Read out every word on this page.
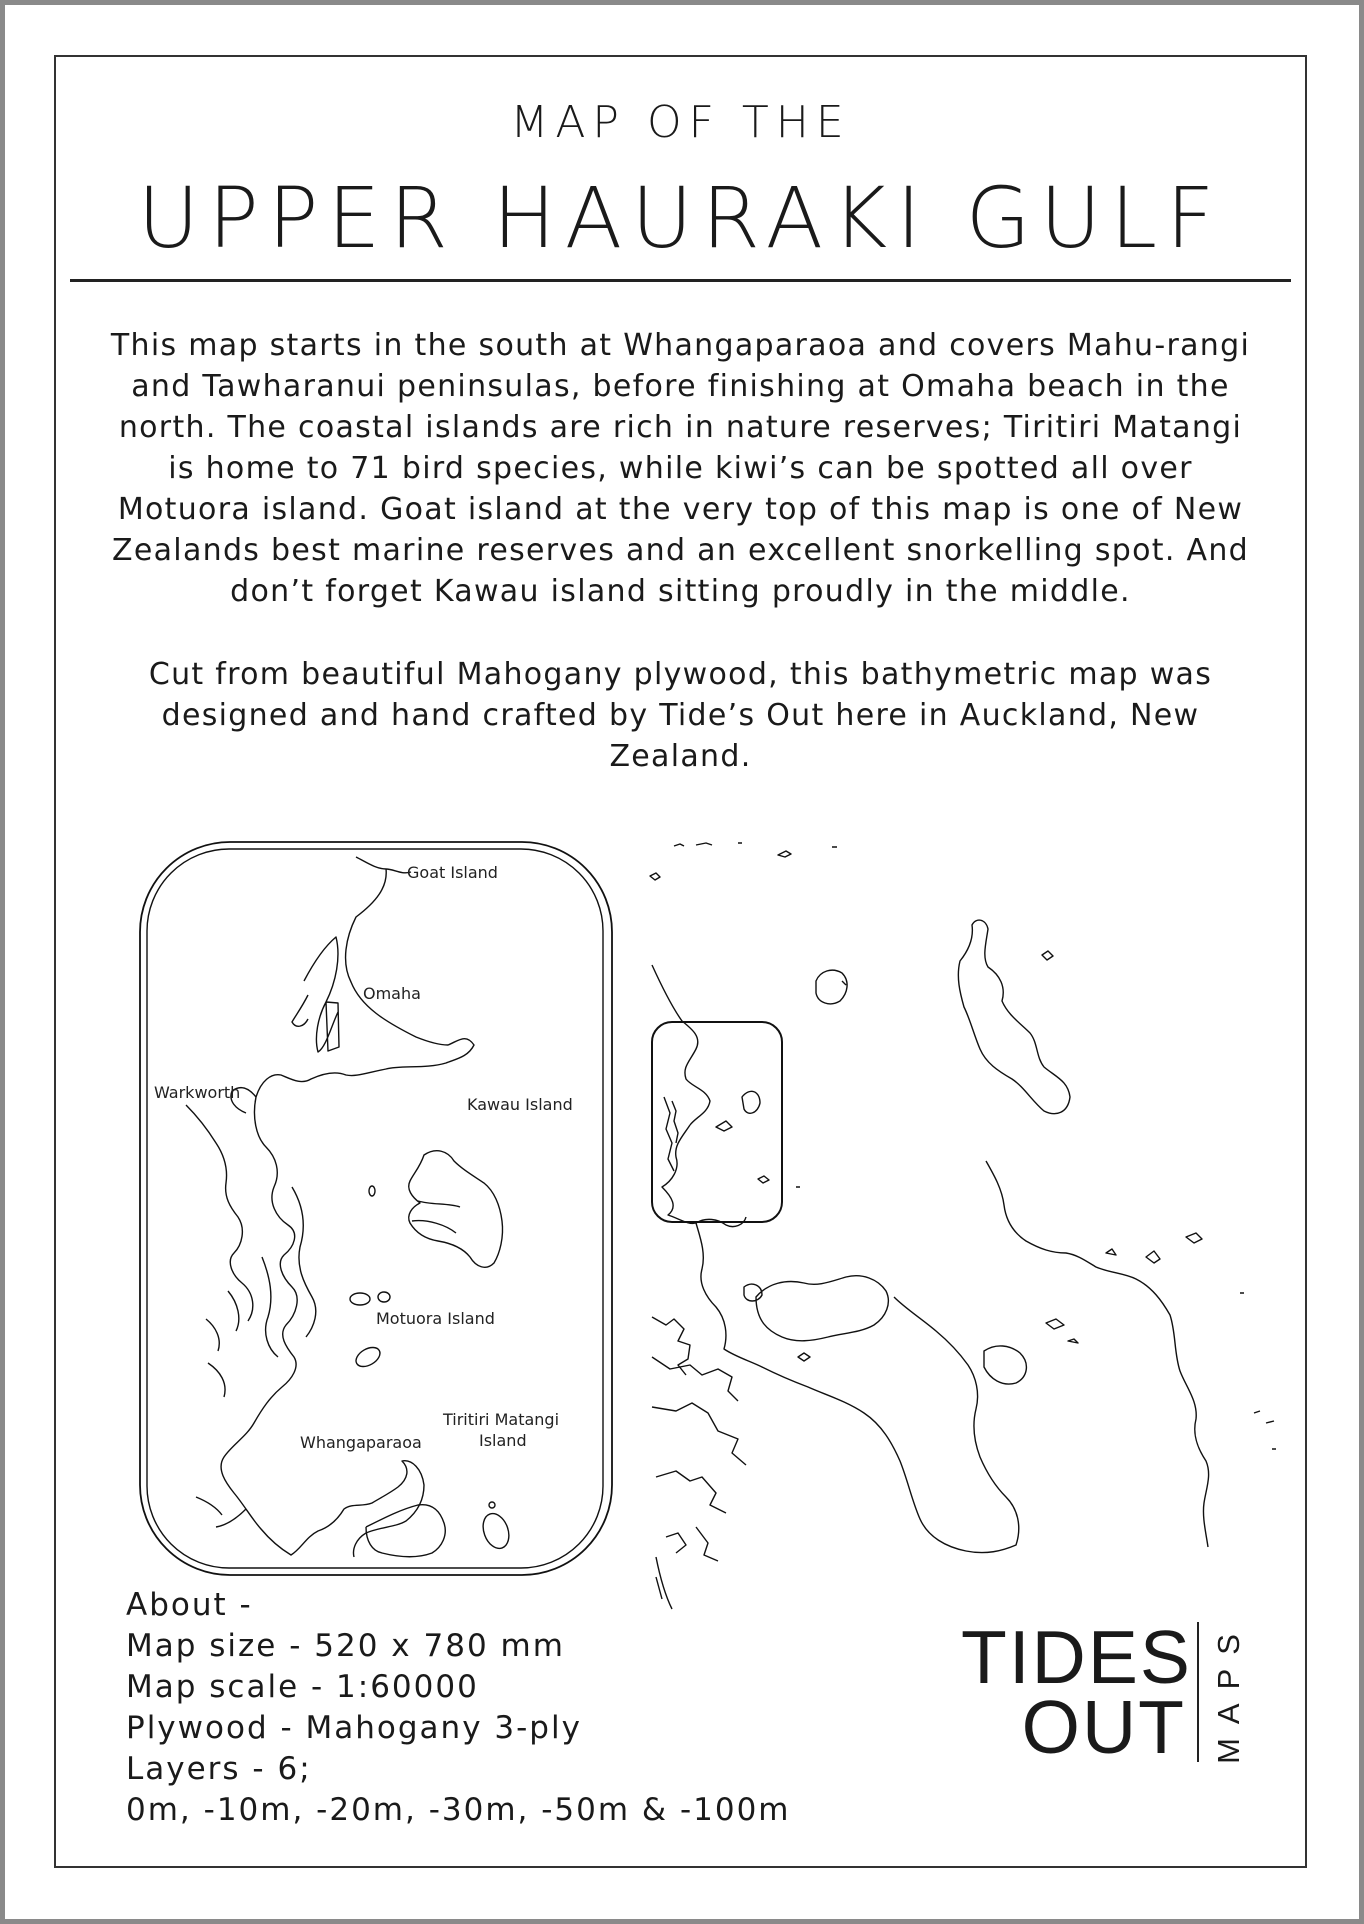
MAP OF THE
UPPER HAURAKI GULF
This map starts in the south at Whangaparaoa and covers Mahu-rangi and Tawharanui peninsulas, before finishing at Omaha beach in the north. The coastal islands are rich in nature reserves; Tiritiri Matangi is home to 71 bird species, while kiwi’s can be spotted all over Motuora island. Goat island at the very top of this map is one of New Zealands best marine reserves and an excellent snorkelling spot. And don’t forget Kawau island sitting proudly in the middle.
Cut from beautiful Mahogany plywood, this bathymetric map was designed and hand crafted by Tide’s Out here in Auckland, New Zealand.
Goat Island
Omaha
Warkworth
Kawau Island
Motuora Island
Tiritiri Matangi
Island
Whangaparaoa
About -
Map size - 520 x 780 mm
Map scale - 1:60000
Plywood - Mahogany 3-ply
Layers - 6;
0m, -10m, -20m, -30m, -50m & -100m
TIDES
OUT MAPS
